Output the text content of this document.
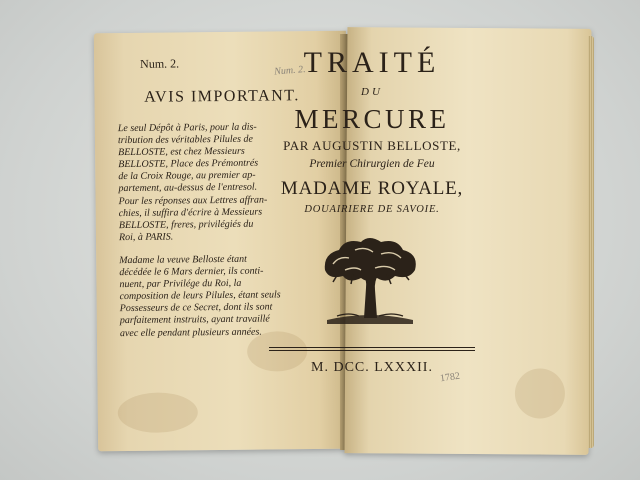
Num. 2.	Num. 2.
AVIS IMPORTANT.
Le seul Dépôt à Paris, pour la dis-
tribution des véritables Pilules de
BELLOSTE, est chez Messieurs
BELLOSTE, Place des Prémontrés
de la Croix Rouge, au premier ap-
partement, au-dessus de l'entresol.
Pour les réponses aux Lettres affran-
chies, il suffira d'écrire à Messieurs
BELLOSTE, freres, privilégiés du
Roi, à PARIS.
Madame la veuve Belloste étant
décédée le 6 Mars dernier, ils conti-
nuent, par Privilége du Roi, la
composition de leurs Pilules, étant seuls
Possesseurs de ce Secret, dont ils sont
parfaitement instruits, ayant travaillé
avec elle pendant plusieurs années.
TRAITÉ
DU
MERCURE
PAR AUGUSTIN BELLOSTE,
Premier Chirurgien de Feu
MADAME ROYALE,
DOUAIRIERE DE SAVOIE.
M. DCC. LXXXII.
1782
